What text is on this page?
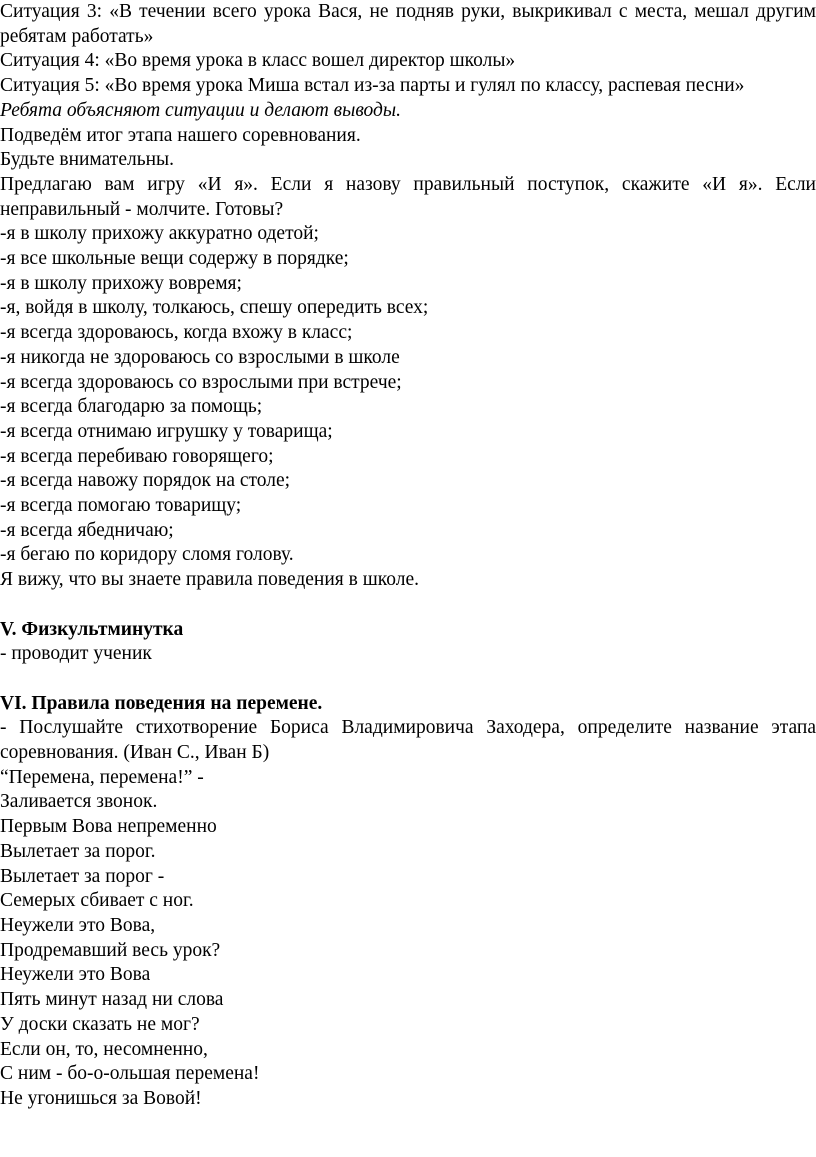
Ситуация 3: «В течении всего урока Вася, не подняв руки, выкрикивал с места, мешал другим ребятам работать»

Ситуация 4: «Во время урока в класс вошел директор школы»

Ситуация 5: «Во время урока Миша встал из-за парты и гулял по классу, распевая песни»

Ребята объясняют ситуации и делают выводы.

Подведём итог этапа нашего соревнования.

Будьте внимательны.

Предлагаю вам игру «И я». Если я назову правильный поступок, скажите «И я». Если неправильный - молчите. Готовы?

-я в школу прихожу аккуратно одетой;

-я все школьные вещи содержу в порядке;

-я в школу прихожу вовремя;

-я, войдя в школу, толкаюсь, спешу опередить всех;

-я всегда здороваюсь, когда вхожу в класс;

-я никогда не здороваюсь со взрослыми в школе

-я всегда здороваюсь со взрослыми при встрече;

-я всегда благодарю за помощь;

-я всегда отнимаю игрушку у товарища;

-я всегда перебиваю говорящего;

-я всегда навожу порядок на столе;

-я всегда помогаю товарищу;

-я всегда ябедничаю;

-я бегаю по коридору сломя голову.

Я вижу, что вы знаете правила поведения в школе.

V. Физкультминутка

- проводит ученик

VI. Правила поведения на перемене.

- Послушайте стихотворение Бориса Владимировича Заходера, определите название этапа соревнования. (Иван С., Иван Б)

“Перемена, перемена!” -

Заливается звонок.

Первым Вова непременно

Вылетает за порог.

Вылетает за порог -

Семерых сбивает с ног.

Неужели это Вова,

Продремавший весь урок?

Неужели это Вова

Пять минут назад ни слова

У доски сказать не мог?

Если он, то, несомненно,

С ним - бо-о-ольшая перемена!

Не угонишься за Вовой!
